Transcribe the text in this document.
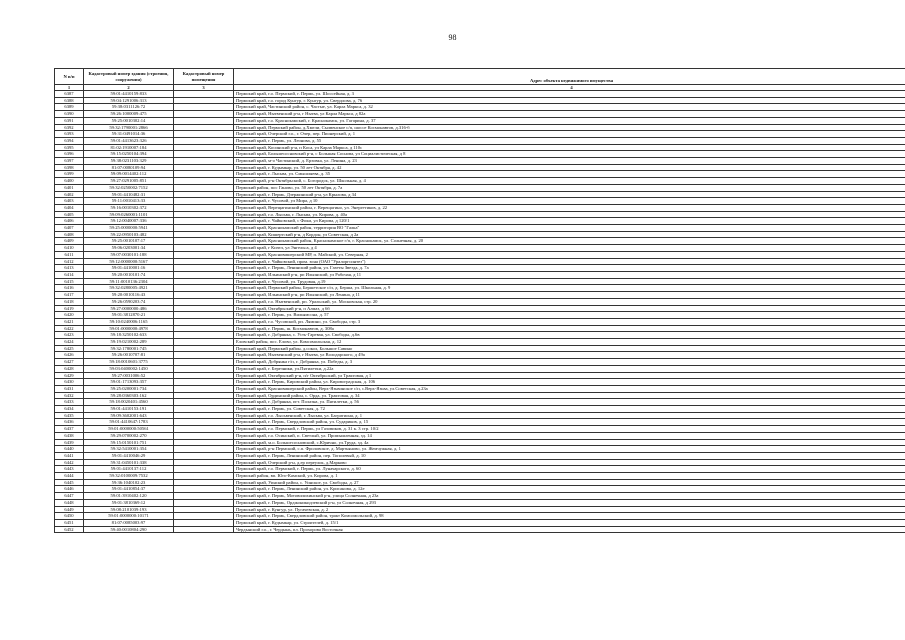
98
N п/п	Кадастровый номер здания (строения, сооружения)	Кадастровый номер помещения	Адрес объекта недвижимого имущества
1	2	3	4
6387	59:01:4410159:833		Пермский край, г.о. Пермский, г. Пермь, ул. Шоссейная, д. 3
6388	59:04:1291006:313		Пермский край, г.о. город Кунгур, г. Кунгур, ул. Свердлова, д. 76
6389	59:38:0311126:72		Пермский край, Частинский район, с. Частые, ул. Карла Маркса, д. 32
6390	59:26:1000009:475		Пермский край, Нытвенский р-н, г Нытва, ул Карла Маркса, д 82а
6391	59:25:0010302:14		Пермский край, г.о. Краснокамский, г. Краснокамск, ул. Гагарина, д. 37
6392	59:32:1790001:2866		Пермский край, Пермский район, д.Хмели, Сылвенское с/п, шоссе Космонавтов, д.316-б
6393	59:31:0491014:36		Пермский край, Очерский г.о., г. Очер, пер. Пионерский, д. 1
6394	59:01:4413623:326		Пермский край, г. Пермь, ул. Леонова, д. 55
6395	81:02:1910007:184		Пермский край, Косинский р-н, п Коса, ул Карла Маркса, д 110с
6396	59:15:0250104:394		Пермский край, Большесосновский р-н, с Большая Соснова, ул Социалистическая, д 8
6397	59:38:0231103:329		Пермский край, м-о Частинский, д. Ерзовка, ул. Ленина, д. 23
6398	81:07:0080109:94		Пермский край, г. Кудымкар, ул. 50 лет Октября, д. 42
6399	59:09:0014402:112		Пермский край, г. Лысьва, ул. Смышляева, д. 35
6400	59:27:0291005:851		Пермский край, р-н Октябрьский, с. Богородск, ул. Школьная, д. 4
6401	59:32:0250002:7152		Пермский район, пос Ганово, ул. 50 лет Октября, д. 7а
6402	59:01:4410482:31		Пермский край, г. Пермь, Дзержинский р-н, ул Крылова, д 34
6403	59:11:0010413:33		Пермский край, г. Чусовой, ул Мира, д 10
6404	59:16:0010302:372		Пермский край, Верещагинский район, г. Верещагино, ул. Энергетиков, д. 22
6405	59:09:0260001:1101		Пермский край, г.о. Лысьва, г. Лысьва, ул. Кирова, д. 40а
6406	59:12:0040007:336		Пермский край, г. Чайковский, с Фоки, ул Кирова, д 120/1
6407	59:25:0000000:5941		Пермский край, Краснокамский район, территория ВО "Галка"
6408	59:22:0950103:482		Пермский край, Кишертский р-н, д Кордон, ул Советская, д 2а
6409	59:25:0010107:17		Пермский край, Краснокамский район, Краснокамское г/п, г. Краснокамск, ул. Солнечная, д. 20
6410	59:06:0203001:34		Пермский край, г Кизел, ул Энгельса, д 4
6411	59:07:0030101:188		Пермский край, Красновишерский МР, п. Майский, ул. Северная, 2
6412	59:12:0000000:5167		Пермский край, г. Чайковский, пром. зона (ОАО "Уралоргсинтез")
6413	59:01:4410001:16		Пермский край, г. Пермь, Ленинский район, ул. Газеты Звезда, д. 7а
6414	59:20:0010101:74		Пермский край, Ильинский р-н, рп Ильинский, ул Рабочая, д 11
6415	59:11:0010136:2304		Пермский край, г. Чусовой, ул. Трудовая, д.19
6416	59:32:0280005:4921		Пермский край, Пермский район, Бершетское с/п, д. Берша, ул. Школьная, д. 9
6417	59:20:0010116:43		Пермский край, Ильинский р-н, рп Ильинский, ул Ленина, д 11
6418	59:26:0590203:74		Пермский край, г.о. Нытвенский, рп. Уральский, ул. Московская, стр. 20
6419	59:27:0000000:486		Пермский край, Октябрьский р-н, п Алмаз, д 6б
6420	59:01:3812870:21		Пермский край, г. Пермь, ул. Вильямсона, д. 57
6421	59:10:0240006:1165		Пермский край, г.о. Чусовской, рп. Лямино, ул. Свободы, стр. 3
6422	59:01:0000000:4978		Пермский край, г. Пермь, ш. Космонавтов, д. 308а
6423	59:18:3250102:633		Пермский край, г. Добрянка, с. Усть-Гаревая, ул. Свободы, д.6в
6424	59:19:0210002:289		Еловский район, пос. Елово, ул. Комсомольская, д. 12
6425	59:32:1780001:745		Пермский край, Пермский район, д.сокол, Большое Савино
6426	59:26:0010707:81		Пермский край, Нытвенский р-н, г Нытва, ул Володарского, д 49а
6427	59:18:0010601:3775		Пермский край, Добрянка г/п, г. Добрянка, ул. Победы, д. 3
6428	59:03:0400002:1450		Пермский край, г. Березники, ул.Пятилетки, д.22а
6429	59:27:0031006:52		Пермский край, Октябрьский р-н, п/г Октябрьский, ул Трактовая, д 1
6430	59:01:1713093:357		Пермский край, г. Пермь, Кировский район, ул. Кировоградская, д. 106
6431	59:25:0200001:734		Пермский край, Красновишерский район, Верх-Язьвинское с/п, с.Верх-Язьва, ул.Советская, д.23а
6432	59:28:0360303:162		Пермский край, Ординский район, с. Орда, ул. Трактовая, д. 34
6433	59:18:0020401:4560		Пермский край, г. Добрянка, пгт. Полазна, ул. Пятилетки, д. 56
6434	59:01:4410153:191		Пермский край, г. Пермь, ул. Советская, д. 72
6435	59:09:3602001:643		Пермский край, г.о. Лысьвенский, г. Лысьва, ул. Багратиона, д. 1
6436	59:01:4410647:1783		Пермский край, г. Пермь, Свердловский район, ул. Судариков, д. 15
6437	59:01:0000000:50561		Пермский край, г.о. Пермский, г. Пермь, ул Газовиков, д. 31 к. 3 стр. 10/2
6438	59:29:0700002:270		Пермский край, г.о. Осинский, п. Светлый, ул. Промышленная, зд. 14
6439	59:15:0150101:751		Пермский край, м.о. Большесосновский, с.Юрично, ул.Труда, зд. 4а
6440	59:32:5410001:354		Пермский край, р-н Пермский, с.п. Фроловское, д. Мартьяново, ул. Жемчужная, д. 1
6441	59:01:4410046:29		Пермский край, г. Пермь, Ленинский район, пер. Тополевый, д. 10
6442	59:31:0450101:338		Пермский край, Очерский р-н, д.ер переулок, д.Марково
6443	59:01:4410137:112		Пермский край, г.о. Пермский, г. Пермь, ул. Луначарского, д. 60
6444	59:32:0100009:7532		Пермский район, вп. Юго-Камский, ул. Кирова, д. 1
6445	59:36:1040102:23		Пермский край, Уинский район, с. Уинское, ул. Свободы, д. 27
6446	59:01:4410854:37		Пермский край, г. Пермь, Ленинский район, ул. Крисанова, д. 12е
6447	59:01:3910402:120		Пермский край, г. Пермь, Мотовилихинский р-н, улица Солнечная, д 23а
6448	59:01:3810369:12		Пермский край, г. Пермь, Орджоникидзевский р-н, ул Солнечная, д 293
6449	59:08:2101039:193		Пермский край, г. Кунгур, ул. Пугачевская, д. 2
6450	59:01:0000000:10171		Пермский край, г. Пермь, Свердловский район, тракт Комсомольский, д. 98
6451	81:07:0085003:97		Пермский край, г. Кудымкар, ул. Строителей, д. 15/1
6452	59:40:0010804:290		Чердынский г.о., г. Чердынь, пл. Прохорова Восточная
